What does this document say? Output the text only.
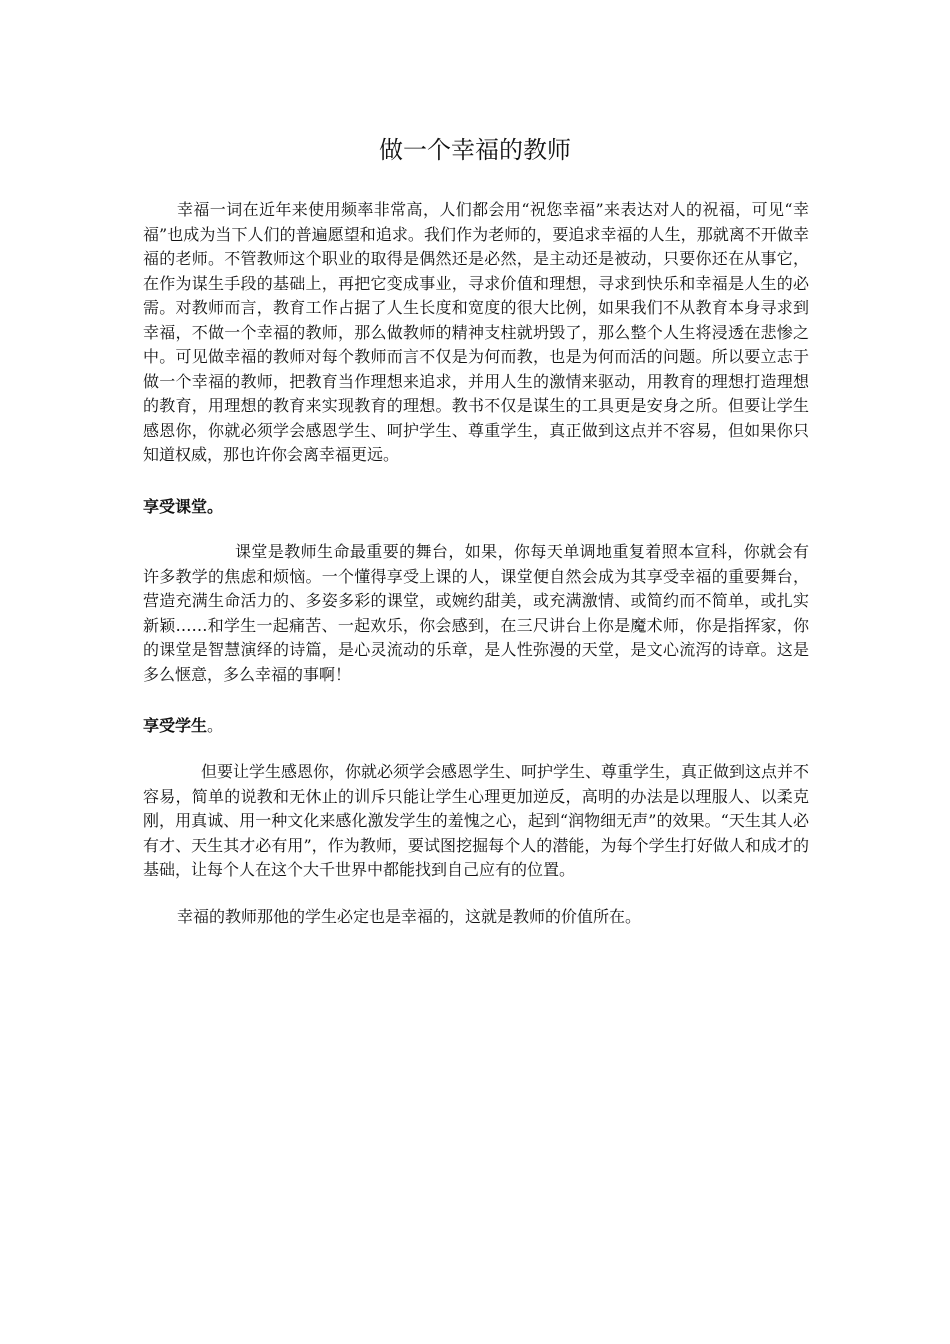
做一个幸福的教师

幸福一词在近年来使用频率非常高，人们都会用“祝您幸福”来表达对人的祝福，可见“幸福”也成为当下人们的普遍愿望和追求。我们作为老师的，要追求幸福的人生，那就离不开做幸福的老师。不管教师这个职业的取得是偶然还是必然，是主动还是被动，只要你还在从事它，在作为谋生手段的基础上，再把它变成事业，寻求价值和理想，寻求到快乐和幸福是人生的必需。对教师而言，教育工作占据了人生长度和宽度的很大比例，如果我们不从教育本身寻求到幸福，不做一个幸福的教师，那么做教师的精神支柱就坍毁了，那么整个人生将浸透在悲惨之中。可见做幸福的教师对每个教师而言不仅是为何而教，也是为何而活的问题。所以要立志于做一个幸福的教师，把教育当作理想来追求，并用人生的激情来驱动，用教育的理想打造理想的教育，用理想的教育来实现教育的理想。教书不仅是谋生的工具更是安身之所。但要让学生感恩你，你就必须学会感恩学生、呵护学生、尊重学生，真正做到这点并不容易，但如果你只知道权威，那也许你会离幸福更远。

享受课堂。

课堂是教师生命最重要的舞台，如果，你每天单调地重复着照本宣科，你就会有许多教学的焦虑和烦恼。一个懂得享受上课的人，课堂便自然会成为其享受幸福的重要舞台，营造充满生命活力的、多姿多彩的课堂，或婉约甜美，或充满激情、或简约而不简单，或扎实新颖……和学生一起痛苦、一起欢乐，你会感到，在三尺讲台上你是魔术师，你是指挥家，你的课堂是智慧演绎的诗篇，是心灵流动的乐章，是人性弥漫的天堂，是文心流泻的诗章。这是多么惬意，多么幸福的事啊！

享受学生。

但要让学生感恩你，你就必须学会感恩学生、呵护学生、尊重学生，真正做到这点并不容易，简单的说教和无休止的训斥只能让学生心理更加逆反，高明的办法是以理服人、以柔克刚，用真诚、用一种文化来感化激发学生的羞愧之心，起到“润物细无声”的效果。“天生其人必有才、天生其才必有用”，作为教师，要试图挖掘每个人的潜能，为每个学生打好做人和成才的基础，让每个人在这个大千世界中都能找到自己应有的位置。

幸福的教师那他的学生必定也是幸福的，这就是教师的价值所在。
